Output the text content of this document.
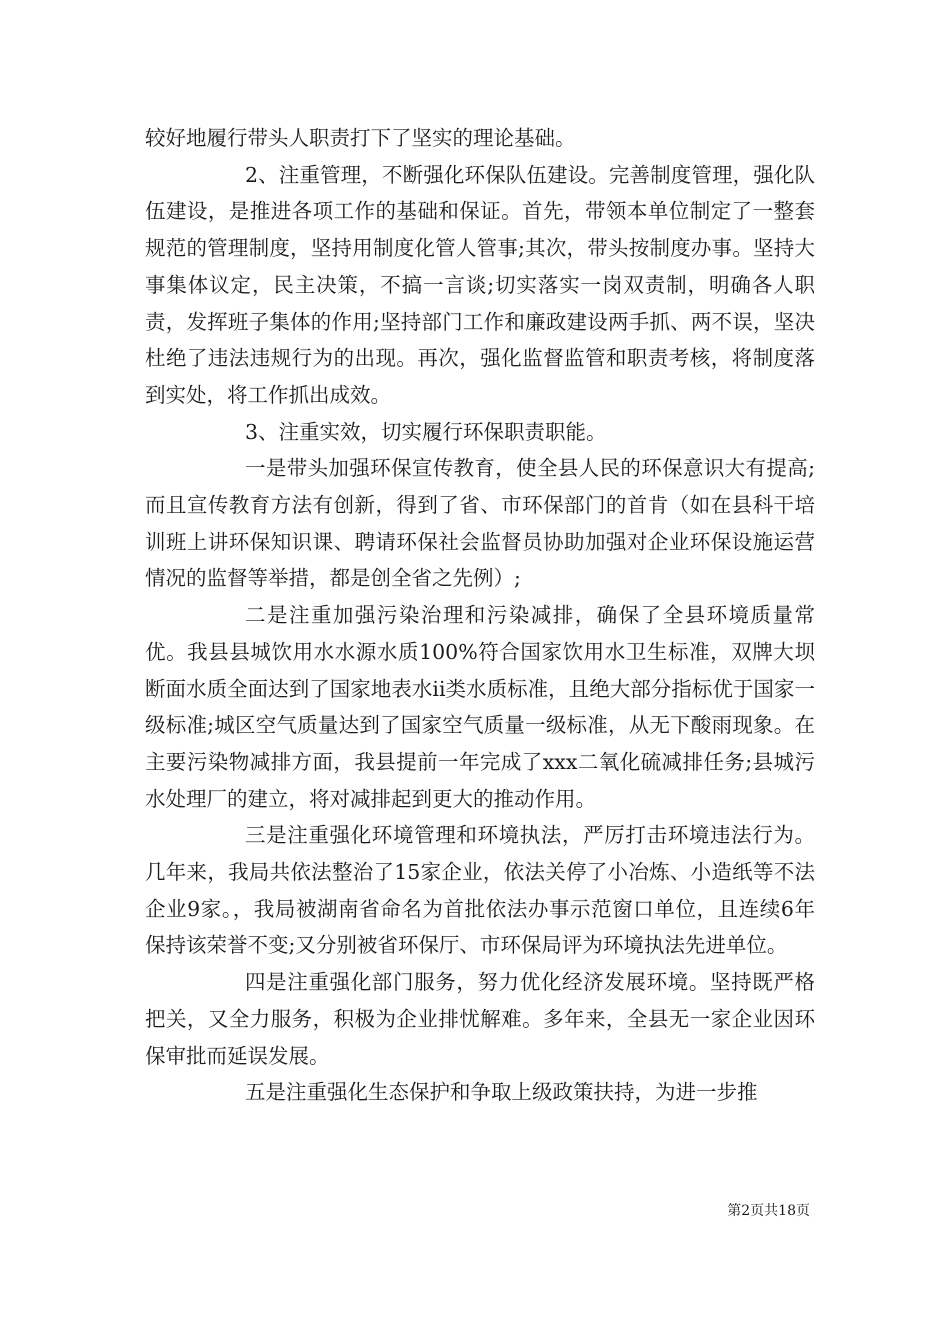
较好地履行带头人职责打下了坚实的理论基础。

2、注重管理，不断强化环保队伍建设。完善制度管理，强化队伍建设，是推进各项工作的基础和保证。首先，带领本单位制定了一整套规范的管理制度，坚持用制度化管人管事;其次，带头按制度办事。坚持大事集体议定，民主决策，不搞一言谈;切实落实一岗双责制，明确各人职责，发挥班子集体的作用;坚持部门工作和廉政建设两手抓、两不误，坚决杜绝了违法违规行为的出现。再次，强化监督监管和职责考核，将制度落到实处，将工作抓出成效。

3、注重实效，切实履行环保职责职能。

一是带头加强环保宣传教育，使全县人民的环保意识大有提高;而且宣传教育方法有创新，得到了省、市环保部门的首肯（如在县科干培训班上讲环保知识课、聘请环保社会监督员协助加强对企业环保设施运营情况的监督等举措，都是创全省之先例）;

二是注重加强污染治理和污染减排，确保了全县环境质量常优。我县县城饮用水水源水质100%符合国家饮用水卫生标准，双牌大坝断面水质全面达到了国家地表水ii类水质标准，且绝大部分指标优于国家一级标准;城区空气质量达到了国家空气质量一级标准，从无下酸雨现象。在主要污染物减排方面，我县提前一年完成了xxx二氧化硫减排任务;县城污水处理厂的建立，将对减排起到更大的推动作用。

三是注重强化环境管理和环境执法，严厉打击环境违法行为。几年来，我局共依法整治了15家企业，依法关停了小冶炼、小造纸等不法企业9家。，我局被湖南省命名为首批依法办事示范窗口单位，且连续6年保持该荣誉不变;又分别被省环保厅、市环保局评为环境执法先进单位。

四是注重强化部门服务，努力优化经济发展环境。坚持既严格把关，又全力服务，积极为企业排忧解难。多年来，全县无一家企业因环保审批而延误发展。

五是注重强化生态保护和争取上级政策扶持，为进一步推

第2页共18页
